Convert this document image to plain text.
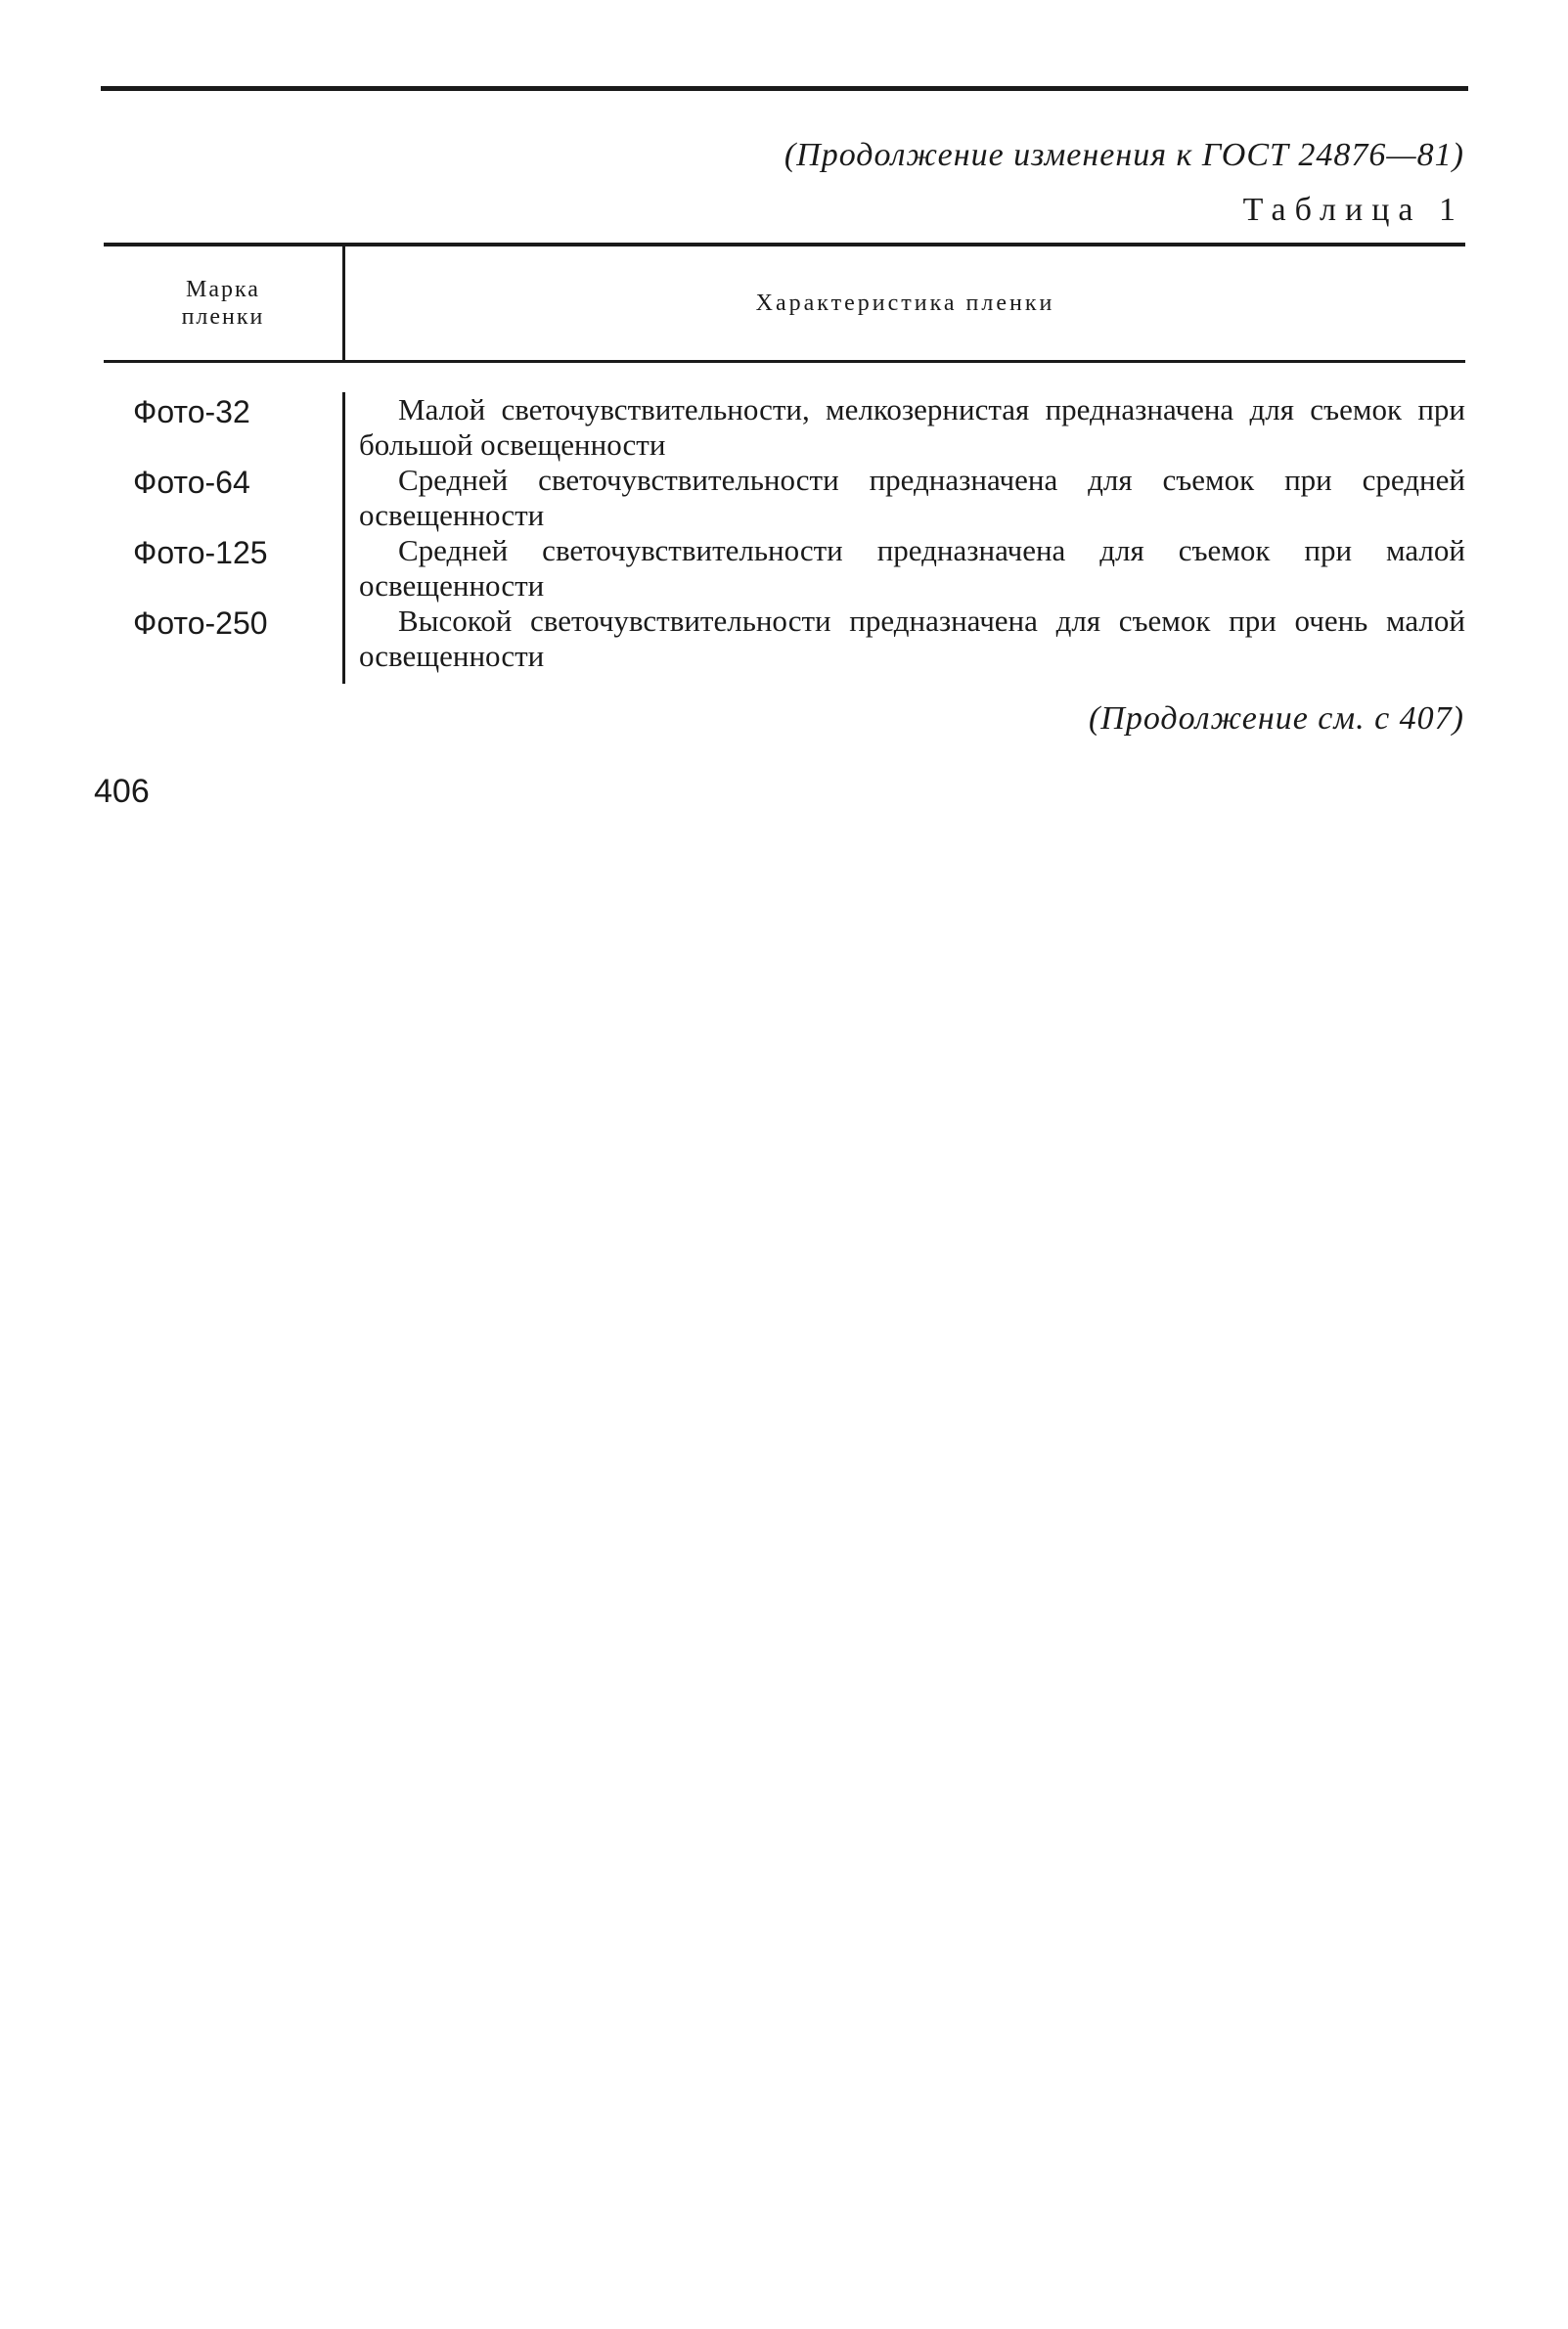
(Продолжение изменения к ГОСТ 24876—81)
Таблица 1
Марка
пленки
Характеристика пленки
Фото-32
Фото-64
Фото-125
Фото-250

Малой светочувствительности, мелкозернистая предназначена для съемок при большой освещенности

Средней светочувствительности предназначена для съемок при средней освещенности

Средней светочувствительности предназначена для съемок при малой освещенности

Высокой светочувствительности предназначена для съемок при очень малой освещенности

(Продолжение см. с 407)
406
